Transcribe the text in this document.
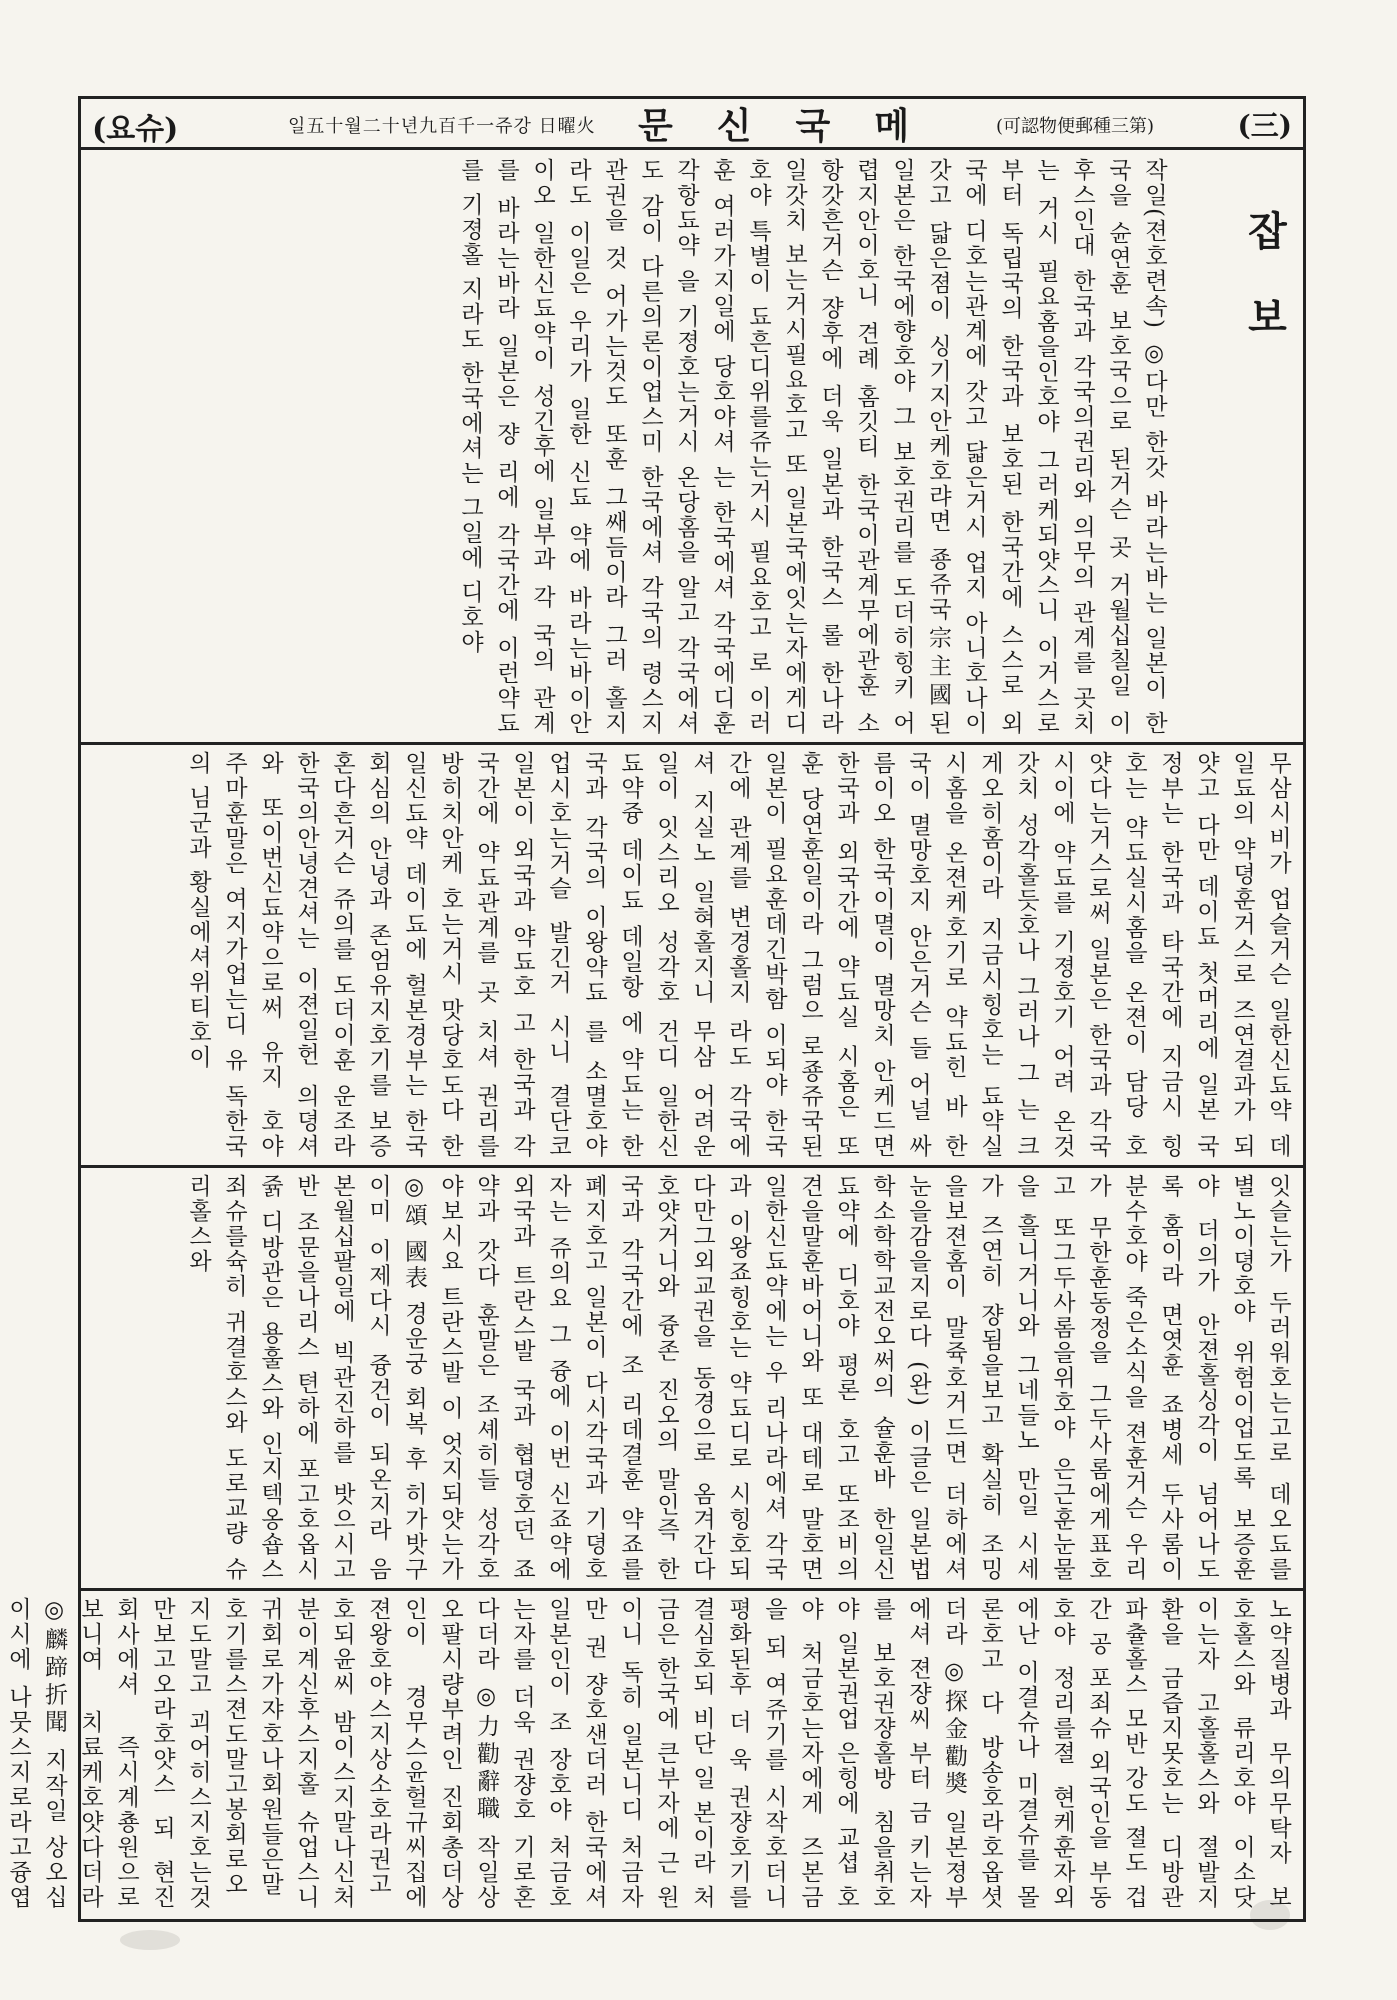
(요슈)	일五十월二十년九百千一쥬강 日曜火 문신국메 (可認物便郵種三第)	(三)
잡보
작일(젼호련속) ◎다만 한갓 바라는바는 일본이 한국을 슌연훈 보호국으로 된거슨 곳 거월십칠일 이후스인대 한국과 각국의권리와 의무의 관계를 곳치는 거시 필요홈을인호야 그러케되얏스니 이거스로부터 독립국의 한국과 보호된 한국간에 스스로 외국에 디호는관계에 갓고 닯은거시 업지 아니호나이 갓고 닯은졈이 싱기지안케호랴면 죵쥬국宗主國된 일본은 한국에향호야 그 보호권리를 도더히힝키 어렵지안이호니 견례 홈깃티 한국이관계무에관훈 소항갓흔거슨 쟝후에 더욱 일본과 한국스 롤 한나라일갓치 보는거시필요호고 또 일본국에잇는자에게디호야 특별이 됴흔디위를쥬는거시 필요호고 로 이러훈 여러가지일에 당호야셔 는 한국에셔 각국에디훈 각항됴약 을 기졍호는거시 온당홈을 알고 각국에셔도 감이 다른의론이업스미 한국에셔 각국의 령스지관권을 것 어가는것도 또훈 그쌔듬이라 그러 홀지라도 이일은 우리가 일한 신됴 약에 바라는바이안이오 일한신됴약이 성긴후에 일부과 각 국의 관계를 바라는바라 일본은 쟝 리에 각국간에 이런약됴를 기졍홀 지라도 한국에셔는 그일에 디호야
무삼시비가 업슬거슨 일한신됴약 데일됴의 약뎡훈거스로 즈연결과가 되얏고 다만 데이됴 첫머리에 일본 국 정부는 한국과 타국간에 지금시 힝호는 약됴실시홈을 온젼이 담당 호얏다는거스로써 일본은 한국과 각국시이에 약됴를 기졍호기 어려 온것갓치 성각홀듯호나 그러나 그 는 크게오히홈이라 지금시힝호는 됴약실시홈을 온젼케호기로 약됴힌 바 한국이 멸망호지 안은거슨 들 어널 싸름이오 한국이멸이 멸망치 안케드면 한국과 외국간에 약됴실 시홈은 또훈 당연훈일이라 그럼으 로죵쥬국된 일본이 필요훈데긴박함 이되야 한국간에 관계를 변경홀지 라도 각국에셔 지실노 일혀홀지니 무삼 어려운일이 잇스리오 성각호 건디 일한신됴약즁 데이됴 데일항 에 약됴는 한국과 각국의 이왕약됴 를 소멸호야 업시호는거슬 발긴거 시니 결단코 일본이 외국과 약됴호 고 한국과 각국간에 약됴관계를 곳 치셔 권리를 방히치안케 호는거시 맛당호도다 한일신됴약 데이됴에 헐본경부는 한국회심의 안녕과 존엄유지호기를 보증혼다흔거슨 쥬의를 도더이훈 운조라 한국의안녕견셔는 이젼일헌 의뎡셔와 또이번신됴약으로써 유지 호야 주마훈말은 여지가업는디 유 독한국의 님군과 황실에셔위티호이
잇슬는가 두러워호는고로 데오됴를 별노이뎡호야 위험이업도록 보증훈 야 더의가 안젼홀싱각이 넘어나도 록 홈이라 면엿훈 죠병세 두사롬이 분수호야 죽은소식을 젼훈거슨 우리 가 무한훈동정을 그두사롬에게표호 고 또그두사롬을위호야 은근훈눈물 을 흘니거니와 그네들노 만일 시세 가 즈연히 쟝됨을보고 확실히 조밍 을보젼홈이 말쥭호거드면 더하에셔 눈을감을지로다 (완) 이글은 일본법학소학학교전오써의 슐훈바 한일신됴약에 디호야 평론 호고 또조비의견을말훈바어니와 또 대테로 말호면 일한신됴약에는 우 리나라에셔 각국과 이왕죠힝호는 약됴디로 시힝호되 다만그외교권을 동경으로 옴겨간다호얏거니와 즁존 진오의 말인즉 한국과 각국간에 조 리데결훈 약죠를 폐지호고 일본이 다시각국과 기뎡호자는 쥬의요 그 즁에 이번 신죠약에 외국과 트란스발 국과 협뎡호던 죠약과 갓다 훈말은 조셰히들 성각호야보시요 트란스발 이 엇지되얏는가 ◎頌 國表 경운궁 회복 후 히가밧구이미 이제다시 즁건이 되온지라 음본월십팔일에 빅관진하를 밧으시고 반 조문을나리스 텬하에 포고호옵시쥵 디방관은 용훌스와 인지텍옹숍스 죄슈를슉히 귀결호스와 도로교량 슈리홀스와
노약질병과 무의무탁자 보호홀스와 류리호야 이소닷이는자 고홀홀스와 졀발지환을 금즙지못호는 디방관 파츌홀스 모반 강도 졀도 겁간 공 포죄슈 외국인을 부동호야 정리를졀 현케훈자외에난 이결슈나 미결슈를 몰론호고 다 방송호라호옵셧더라 ◎探金勸奬 일본졍부에셔 젼쟝씨 부터 금 키는자를 보호권쟝홀방 침을취호야 일본권업 은힝에 교셥 호야 처금호는자에게 즈본금을 되 여쥬기를 시작호더니 평화된후 더 욱 권쟝호기를 결심호되 비단 일 본이라 처금은 한국에 큰부자에 근 원이니 독히 일본니디 처금자만 권 쟝호샌더러 한국에셔 일본인이 조 장호야 처금호는자를 더욱 권쟝호 기로혼다더라 ◎力勸辭職 작일상오팔시량부려인 진회총더상인이 경무스윤헐규씨집에 젼왕호야스지상소호라권고호되윤씨 밤이스지말나신처분이계신후스지홀 슈업스니귀회로가쟈호나회원들은말 호기를스젼도말고봉회로오지도말고 괴어히스지호는것만보고오라호얏스 되 현진회사에셔 즉시계춍원으로 보니여 치료케호얏다더라 ◎麟蹄折聞 지작일 상오십이시에 나뭇스지로라고즁엽
